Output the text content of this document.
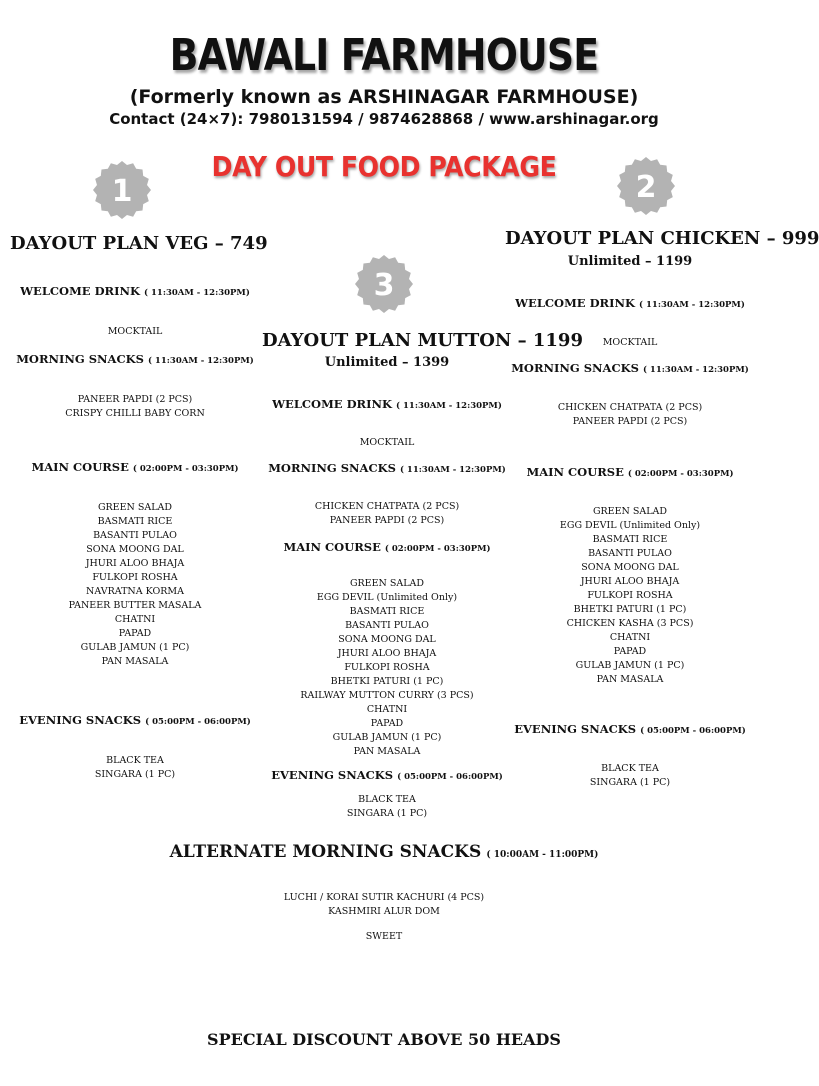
BAWALI FARMHOUSE
(Formerly known as ARSHINAGAR FARMHOUSE)
Contact (24×7): 7980131594 / 9874628868 / www.arshinagar.org
DAY OUT FOOD PACKAGE
1	2
3
DAYOUT PLAN VEG – 749
WELCOME DRINK ( 11:30AM - 12:30PM)
MOCKTAIL
MORNING SNACKS ( 11:30AM - 12:30PM)
PANEER PAPDI (2 PCS)
CRISPY CHILLI BABY CORN
MAIN COURSE ( 02:00PM - 03:30PM)
GREEN SALAD
BASMATI RICE
BASANTI PULAO
SONA MOONG DAL
JHURI ALOO BHAJA
FULKOPI ROSHA
NAVRATNA KORMA
PANEER BUTTER MASALA
CHATNI
PAPAD
GULAB JAMUN (1 PC)
PAN MASALA
EVENING SNACKS ( 05:00PM - 06:00PM)
BLACK TEA
SINGARA (1 PC)
DAYOUT PLAN MUTTON – 1199
Unlimited – 1399
WELCOME DRINK ( 11:30AM - 12:30PM)
MOCKTAIL
MORNING SNACKS ( 11:30AM - 12:30PM)
CHICKEN CHATPATA (2 PCS)
PANEER PAPDI (2 PCS)
MAIN COURSE ( 02:00PM - 03:30PM)
GREEN SALAD
EGG DEVIL (Unlimited Only)
BASMATI RICE
BASANTI PULAO
SONA MOONG DAL
JHURI ALOO BHAJA
FULKOPI ROSHA
BHETKI PATURI (1 PC)
RAILWAY MUTTON CURRY (3 PCS)
CHATNI
PAPAD
GULAB JAMUN (1 PC)
PAN MASALA
EVENING SNACKS ( 05:00PM - 06:00PM)
BLACK TEA
SINGARA (1 PC)
DAYOUT PLAN CHICKEN – 999
Unlimited – 1199
WELCOME DRINK ( 11:30AM - 12:30PM)
MOCKTAIL
MORNING SNACKS ( 11:30AM - 12:30PM)
CHICKEN CHATPATA (2 PCS)
PANEER PAPDI (2 PCS)
MAIN COURSE ( 02:00PM - 03:30PM)
GREEN SALAD
EGG DEVIL (Unlimited Only)
BASMATI RICE
BASANTI PULAO
SONA MOONG DAL
JHURI ALOO BHAJA
FULKOPI ROSHA
BHETKI PATURI (1 PC)
CHICKEN KASHA (3 PCS)
CHATNI
PAPAD
GULAB JAMUN (1 PC)
PAN MASALA
EVENING SNACKS ( 05:00PM - 06:00PM)
BLACK TEA
SINGARA (1 PC)
ALTERNATE MORNING SNACKS ( 10:00AM - 11:00PM)
LUCHI / KORAI SUTIR KACHURI (4 PCS)
KASHMIRI ALUR DOM
SWEET
SPECIAL DISCOUNT ABOVE 50 HEADS
